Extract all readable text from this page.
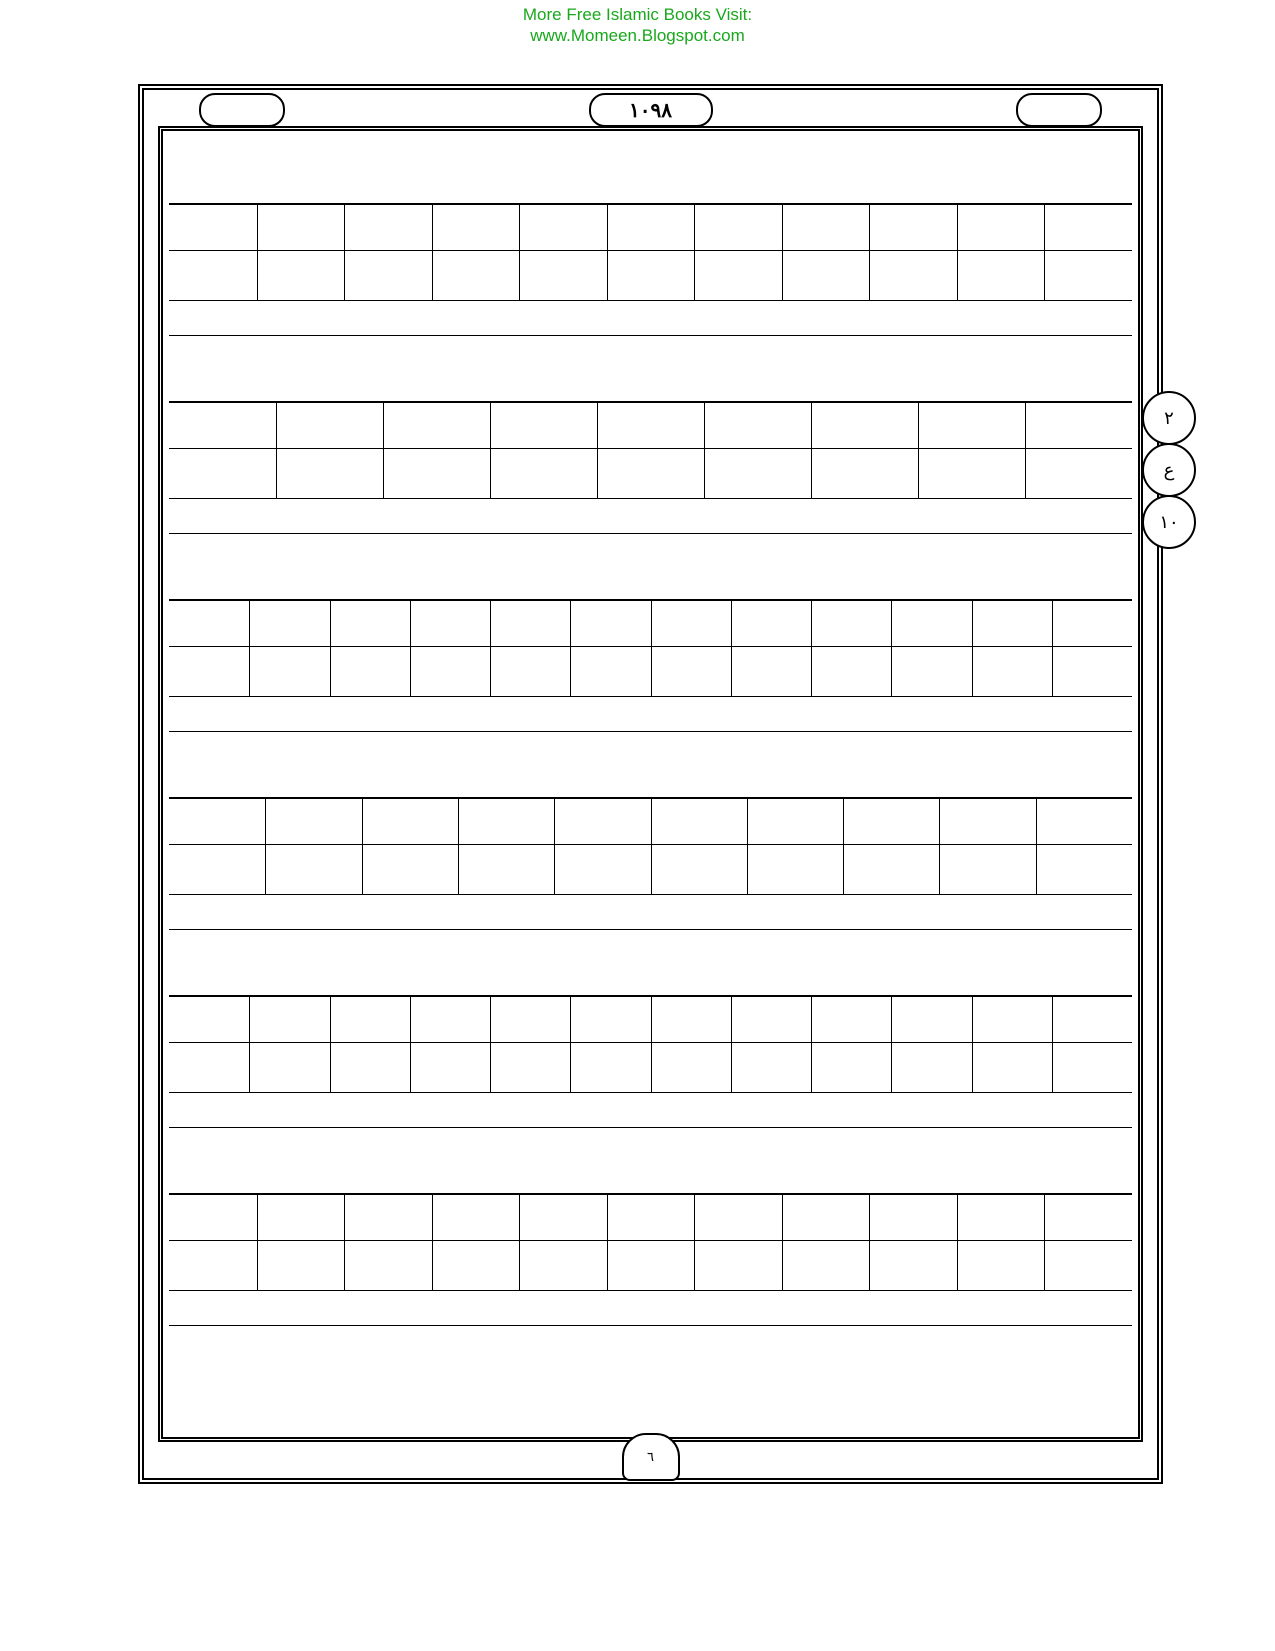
More Free Islamic Books Visit:
www.Momeen.Blogspot.com
۱۰۹۸
٢
ع
١٠
٦
